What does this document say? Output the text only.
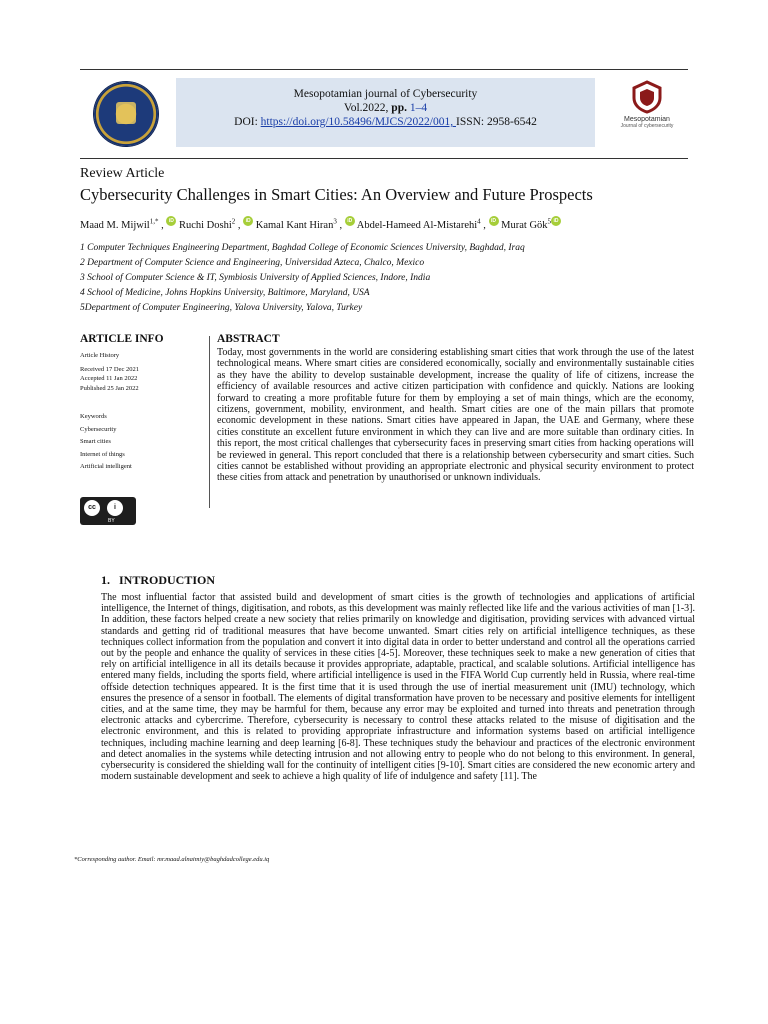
Mesopotamian journal of Cybersecurity
Vol.2022, pp. 1–4
DOI: https://doi.org/10.58496/MJCS/2022/001, ISSN: 2958-6542	Mesopotamian
Journal of cybersecurity
Review Article
Cybersecurity Challenges in Smart Cities: An Overview and Future Prospects
Maad M. Mijwil$^{1,*}$ , iD Ruchi Doshi$^2$ , iD Kamal Kant Hiran$^3$ , iD Abdel-Hameed Al-Mistarehi$^4$ , iD Murat Gök$^5$ iD
1 Computer Techniques Engineering Department, Baghdad College of Economic Sciences University, Baghdad, Iraq
2 Department of Computer Science and Engineering, Universidad Azteca, Chalco, Mexico
3 School of Computer Science & IT, Symbiosis University of Applied Sciences, Indore, India
4 School of Medicine, Johns Hopkins University, Baltimore, Maryland, USA
5Department of Computer Engineering, Yalova University, Yalova, Turkey
ARTICLE INFO
Article History
Received 17 Dec 2021
Accepted 11 Jan 2022
Published 25 Jan 2022
Keywords
Cybersecurity
Smart cities
Internet of things
Artificial intelligent
cc	i
BY
ABSTRACT
Today, most governments in the world are considering establishing smart cities that work through the use of the latest technological means. Where smart cities are considered economically, socially and environmentally sustainable cities as they have the ability to develop sustainable development, increase the quality of life of citizens, increase the efficiency of available resources and active citizen participation with confidence and quickly. Nations are looking forward to creating a more profitable future for them by employing a set of main things, which are the economy, citizens, government, mobility, environment, and health. Smart cities are one of the main pillars that promote economic development in these nations. Smart cities have appeared in Japan, the UAE and Germany, where these cities constitute an excellent future environment in which they can live and are more suitable than ordinary cities. In this report, the most critical challenges that cybersecurity faces in preserving smart cities from hacking operations will be reviewed in general. This report concluded that there is a relationship between cybersecurity and smart cities. Such cities cannot be established without providing an appropriate electronic and physical security environment to protect these cities from attack and penetration by unauthorised or unknown individuals.
1.   INTRODUCTION
The most influential factor that assisted build and development of smart cities is the growth of technologies and applications of artificial intelligence, the Internet of things, digitisation, and robots, as this development was mainly reflected like life and the various activities of man [1-3]. In addition, these factors helped create a new society that relies primarily on knowledge and digitisation, providing services with advanced virtual standards and getting rid of traditional measures that have become unwanted. Smart cities rely on artificial intelligence techniques, as these techniques collect information from the population and convert it into digital data in order to better understand and control all the operations carried out by the people and enhance the quality of services in these cities [4-5]. Moreover, these techniques seek to make a new generation of cities that rely on artificial intelligence in all its details because it provides appropriate, adaptable, practical, and scalable solutions. Artificial intelligence has entered many fields, including the sports field, where artificial intelligence is used in the FIFA World Cup currently held in Russia, where real-time offside detection techniques appeared. It is the first time that it is used through the use of inertial measurement unit (IMU) technology, which ensures the presence of a sensor in football. The elements of digital transformation have proven to be necessary and positive elements for intelligent cities, and at the same time, they may be harmful for them, because any error may be exploited and turned into threats and penetration through electronic attacks and cybercrime. Therefore, cybersecurity is necessary to control these attacks related to the misuse of digitisation and the electronic environment, and this is related to providing appropriate infrastructure and information systems based on artificial intelligence techniques, including machine learning and deep learning [6-8]. These techniques study the behaviour and practices of the electronic environment and detect anomalies in the systems while detecting intrusion and not allowing entry to people who do not belong to this environment. In general, cybersecurity is considered the shielding wall for the continuity of intelligent cities [9-10]. Smart cities are considered the new economic artery and modern sustainable development and seek to achieve a high quality of life of indulgence and safety [11]. The
*Corresponding author. Email: mr.maad.alnaimiy@baghdadcollege.edu.iq
